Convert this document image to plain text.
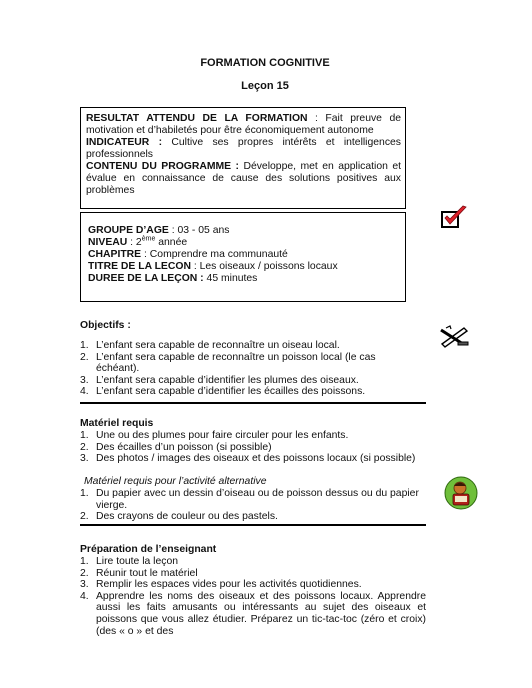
FORMATION COGNITIVE
Leçon 15

RESULTAT ATTENDU DE LA FORMATION : Fait preuve de motivation et d’habiletés pour être économiquement autonome

INDICATEUR : Cultive ses propres intérêts et intelligences professionnels

CONTENU DU PROGRAMME : Développe, met en application et évalue en connaissance de cause des solutions positives aux problèmes

GROUPE D’AGE : 03 - 05 ans

NIVEAU : 2ème année

CHAPITRE : Comprendre ma communauté

TITRE DE LA LECON : Les oiseaux / poissons locaux

DUREE DE LA LEÇON : 45 minutes

Objectifs :
1. L’enfant sera capable de reconnaître un oiseau local.
2. L’enfant sera capable de reconnaître un poisson local (le cas échéant).
3. L’enfant sera capable d’identifier les plumes des oiseaux.
4. L’enfant sera capable d’identifier les écailles des poissons.
Matériel requis
1. Une ou des plumes pour faire circuler pour les enfants.
2. Des écailles d’un poisson (si possible)
3. Des photos / images des oiseaux et des poissons locaux (si possible)
Matériel requis pour l’activité alternative
1. Du papier avec un dessin d’oiseau ou de poisson dessus ou du papier vierge.
2. Des crayons de couleur ou des pastels.
Préparation de l’enseignant
1. Lire toute la leçon
2. Réunir tout le matériel
3. Remplir les espaces vides pour les activités quotidiennes.
4. Apprendre les noms des oiseaux et des poissons locaux. Apprendre aussi les faits amusants ou intéressants au sujet des oiseaux et poissons que vous allez étudier. Préparez un tic-tac-toc (zéro et croix) (des « o » et des
